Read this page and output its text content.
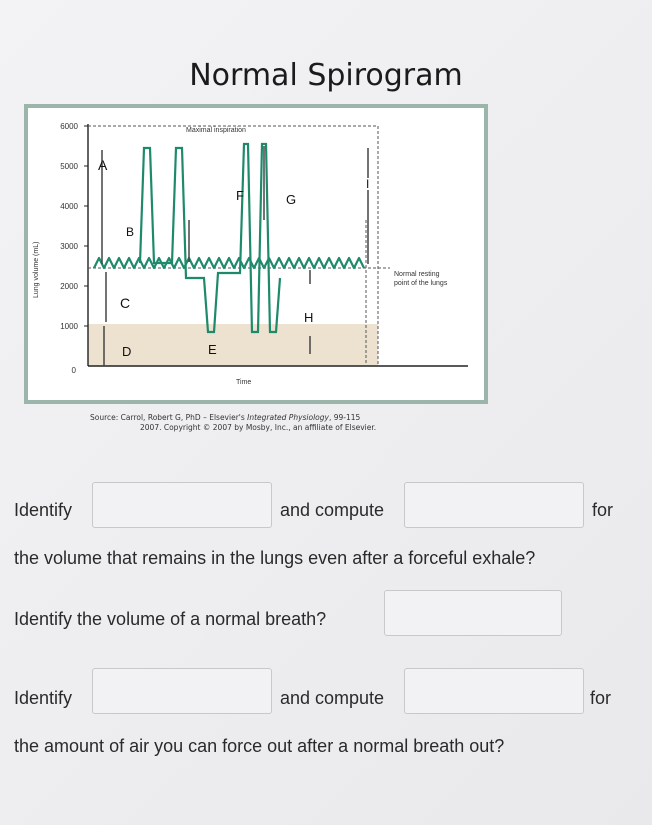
Normal Spirogram
6000
5000
4000
3000
2000
1000
0
Lung volume (mL)
Time
A
B
C
D	E
F	G
H
I
Maximal inspiration
Normal resting
point of the lungs
Source: Carrol, Robert G, PhD – Elsevier's Integrated Physiology, 99-115
2007. Copyright © 2007 by Mosby, Inc., an affiliate of Elsevier.
Identify	and compute	for
the volume that remains in the lungs even after a forceful exhale?
Identify the volume of a normal breath?
Identify	and compute	for
the amount of air you can force out after a normal breath out?
